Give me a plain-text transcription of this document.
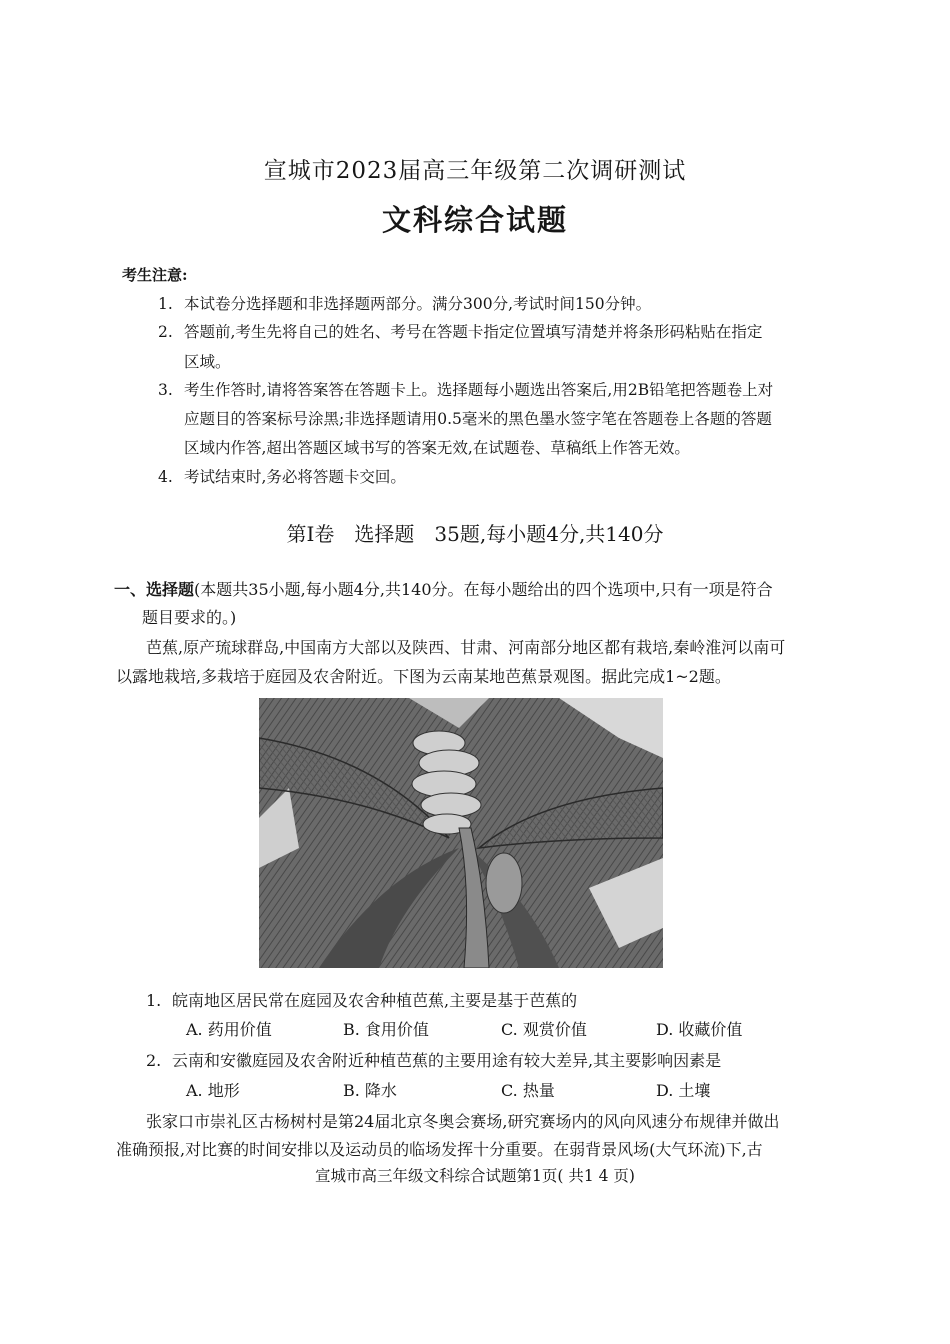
宣城市2023届高三年级第二次调研测试
文科综合试题
考生注意:
1. 本试卷分选择题和非选择题两部分。满分300分,考试时间150分钟。
2. 答题前,考生先将自己的姓名、考号在答题卡指定位置填写清楚并将条形码粘贴在指定
区域。
3. 考生作答时,请将答案答在答题卡上。选择题每小题选出答案后,用2B铅笔把答题卷上对
应题目的答案标号涂黑;非选择题请用0.5毫米的黑色墨水签字笔在答题卷上各题的答题
区域内作答,超出答题区域书写的答案无效,在试题卷、草稿纸上作答无效。
4. 考试结束时,务必将答题卡交回。
第Ⅰ卷 选择题 35题,每小题4分,共140分
一、选择题(本题共35小题,每小题4分,共140分。在每小题给出的四个选项中,只有一项是符合
题目要求的。)
芭蕉,原产琉球群岛,中国南方大部以及陕西、甘肃、河南部分地区都有栽培,秦岭淮河以南可
以露地栽培,多栽培于庭园及农舍附近。下图为云南某地芭蕉景观图。据此完成1~2题。
1. 皖南地区居民常在庭园及农舍种植芭蕉,主要是基于芭蕉的
A. 药用价值	B. 食用价值	C. 观赏价值	D. 收藏价值
2. 云南和安徽庭园及农舍附近种植芭蕉的主要用途有较大差异,其主要影响因素是
A. 地形	B. 降水	C. 热量	D. 土壤
张家口市崇礼区古杨树村是第24届北京冬奥会赛场,研究赛场内的风向风速分布规律并做出
准确预报,对比赛的时间安排以及运动员的临场发挥十分重要。在弱背景风场(大气环流)下,古
宣城市高三年级文科综合试题第1页( 共1 4 页)
